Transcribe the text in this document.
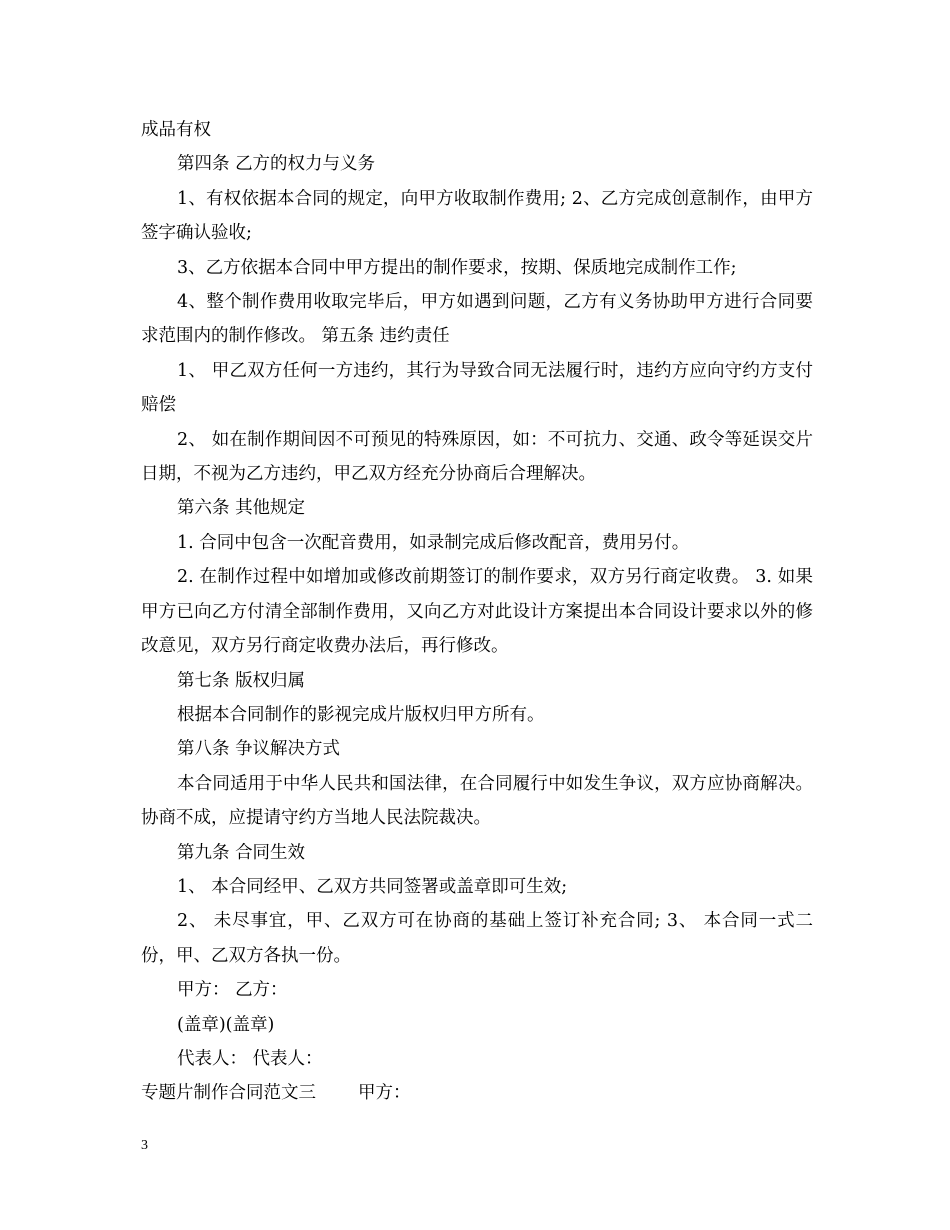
成品有权

第四条 乙方的权力与义务

1、有权依据本合同的规定，向甲方收取制作费用; 2、乙方完成创意制作，由甲方签字确认验收;

3、乙方依据本合同中甲方提出的制作要求，按期、保质地完成制作工作;

4、整个制作费用收取完毕后，甲方如遇到问题，乙方有义务协助甲方进行合同要求范围内的制作修改。 第五条 违约责任

1、 甲乙双方任何一方违约，其行为导致合同无法履行时，违约方应向守约方支付赔偿

2、 如在制作期间因不可预见的特殊原因，如：不可抗力、交通、政令等延误交片日期，不视为乙方违约，甲乙双方经充分协商后合理解决。

第六条 其他规定

1. 合同中包含一次配音费用，如录制完成后修改配音，费用另付。

2. 在制作过程中如增加或修改前期签订的制作要求，双方另行商定收费。 3. 如果甲方已向乙方付清全部制作费用，又向乙方对此设计方案提出本合同设计要求以外的修改意见，双方另行商定收费办法后，再行修改。

第七条 版权归属

根据本合同制作的影视完成片版权归甲方所有。

第八条 争议解决方式

本合同适用于中华人民共和国法律，在合同履行中如发生争议，双方应协商解决。协商不成，应提请守约方当地人民法院裁决。

第九条 合同生效

1、 本合同经甲、乙双方共同签署或盖章即可生效;

2、 未尽事宜，甲、乙双方可在协商的基础上签订补充合同; 3、 本合同一式二份，甲、乙双方各执一份。

甲方： 乙方：

(盖章)(盖章)

代表人： 代表人：

专题片制作合同范文三 甲方：
3
